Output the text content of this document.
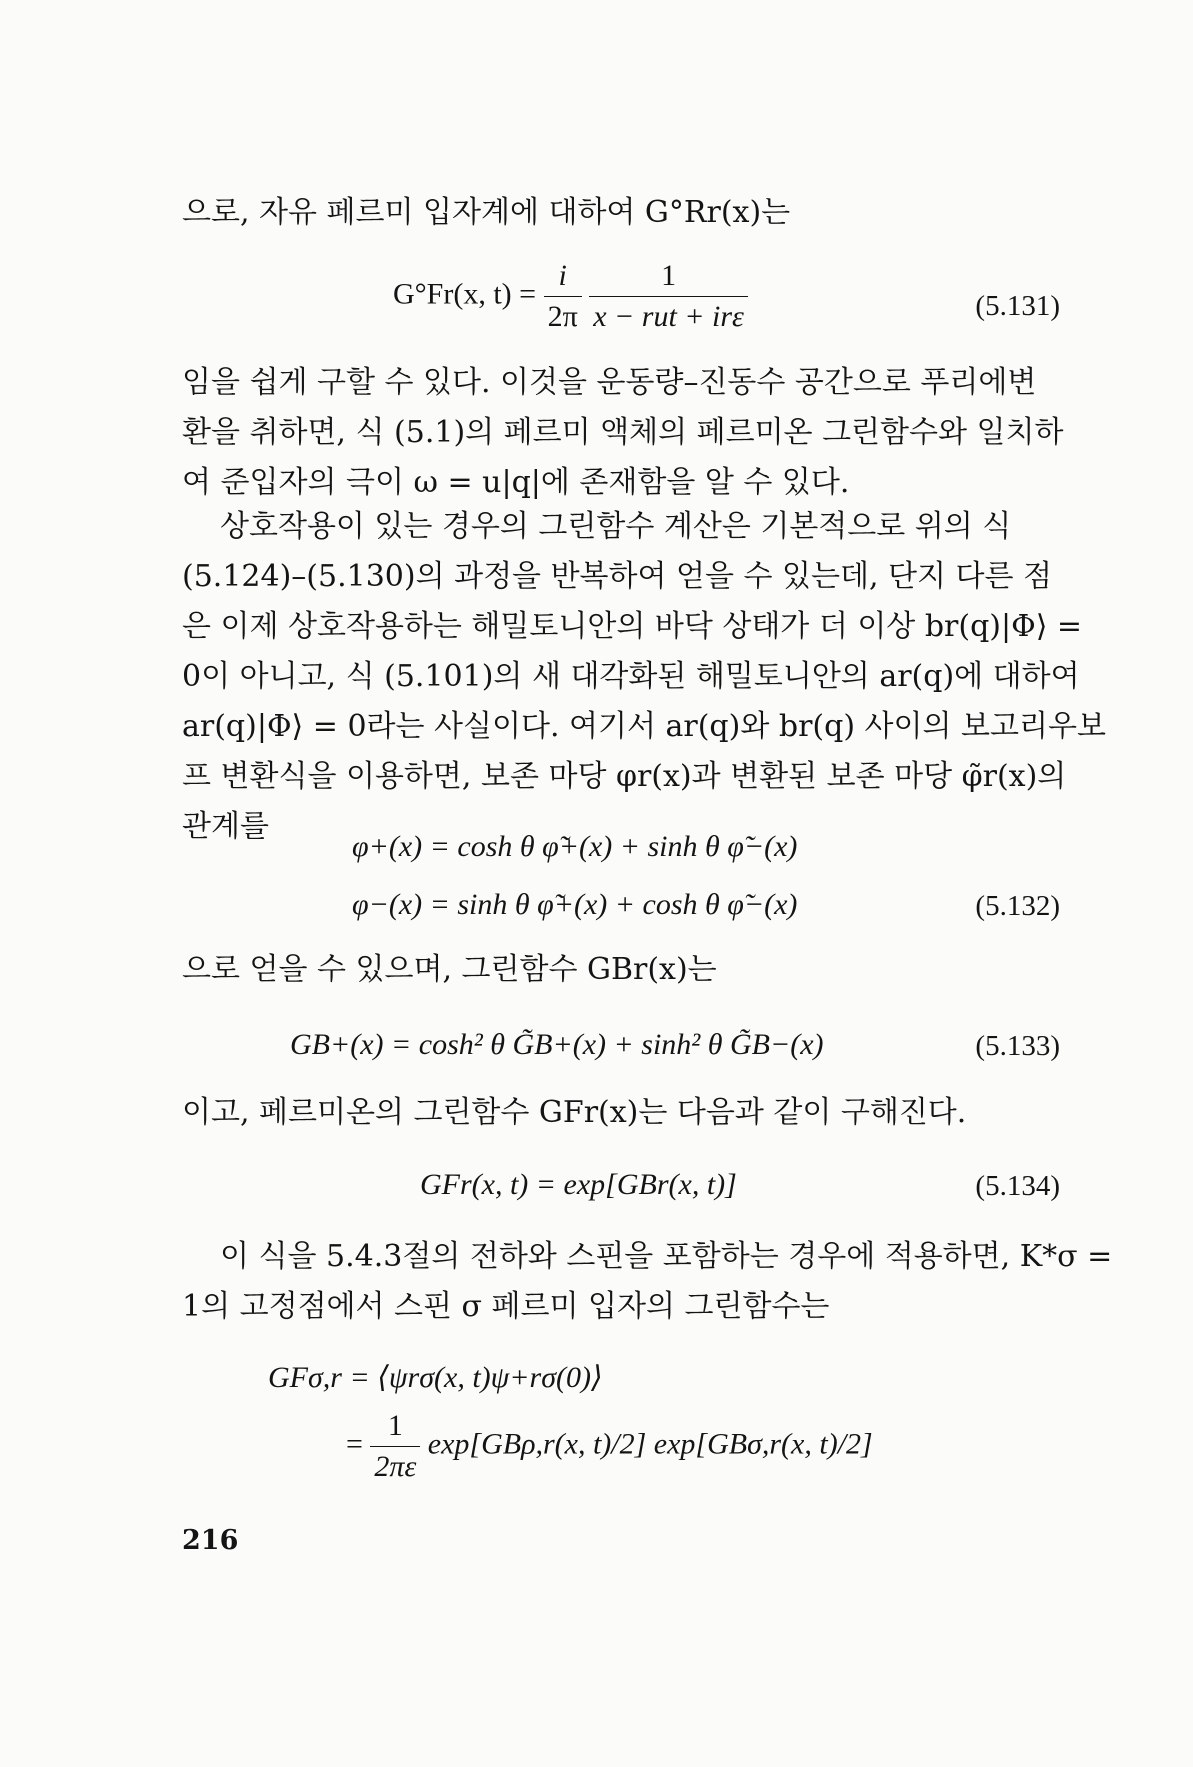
으로, 자유 페르미 입자계에 대하여 G°Rr(x)는

G°Fr(x, $t) = \frac{i}{2\pi}$
$\frac{1}{\text{x − rut + irε}}$	(5.131)

임을 쉽게 구할 수 있다. 이것을 운동량–진동수 공간으로 푸리에변
환을 취하면, 식 (5.1)의 페르미 액체의 페르미온 그린함수와 일치하
여 준입자의 극이 ω = u|q|에 존재함을 알 수 있다.

상호작용이 있는 경우의 그린함수 계산은 기본적으로 위의 식
(5.124)–(5.130)의 과정을 반복하여 얻을 수 있는데, 단지 다른 점
은 이제 상호작용하는 해밀토니안의 바닥 상태가 더 이상 br(q)|Φ⟩ =
0이 아니고, 식 (5.101)의 새 대각화된 해밀토니안의 ar(q)에 대하여
ar(q)|Φ⟩ = 0라는 사실이다. 여기서 ar(q)와 br(q) 사이의 보고리우보
프 변환식을 이용하면, 보존 마당 φr(x)과 변환된 보존 마당 φ̃r(x)의
관계를

φ+(x) = cosh θ φ̃+(x) + sinh θ φ̃−(x)
φ−(x) = sinh θ φ̃+(x) + cosh θ φ̃−(x)	(5.132)

으로 얻을 수 있으며, 그린함수 GBr(x)는

GB+(x) = cosh² θ G̃B+(x) + sinh² θ G̃B−(x)	(5.133)

이고, 페르미온의 그린함수 GFr(x)는 다음과 같이 구해진다.

GFr(x, t) = exp[GBr(x, t)]	(5.134)

이 식을 5.4.3절의 전하와 스핀을 포함하는 경우에 적용하면, K*σ =
1의 고정점에서 스핀 σ 페르미 입자의 그린함수는

GFσ,r = ⟨ψrσ(x, t)ψ+rσ(0)⟩
= $\frac{1}{2\pi\varepsilon} \exp[GB\rho,r(x$, t)/2] exp[GBσ,r(x, t)/2]
216
